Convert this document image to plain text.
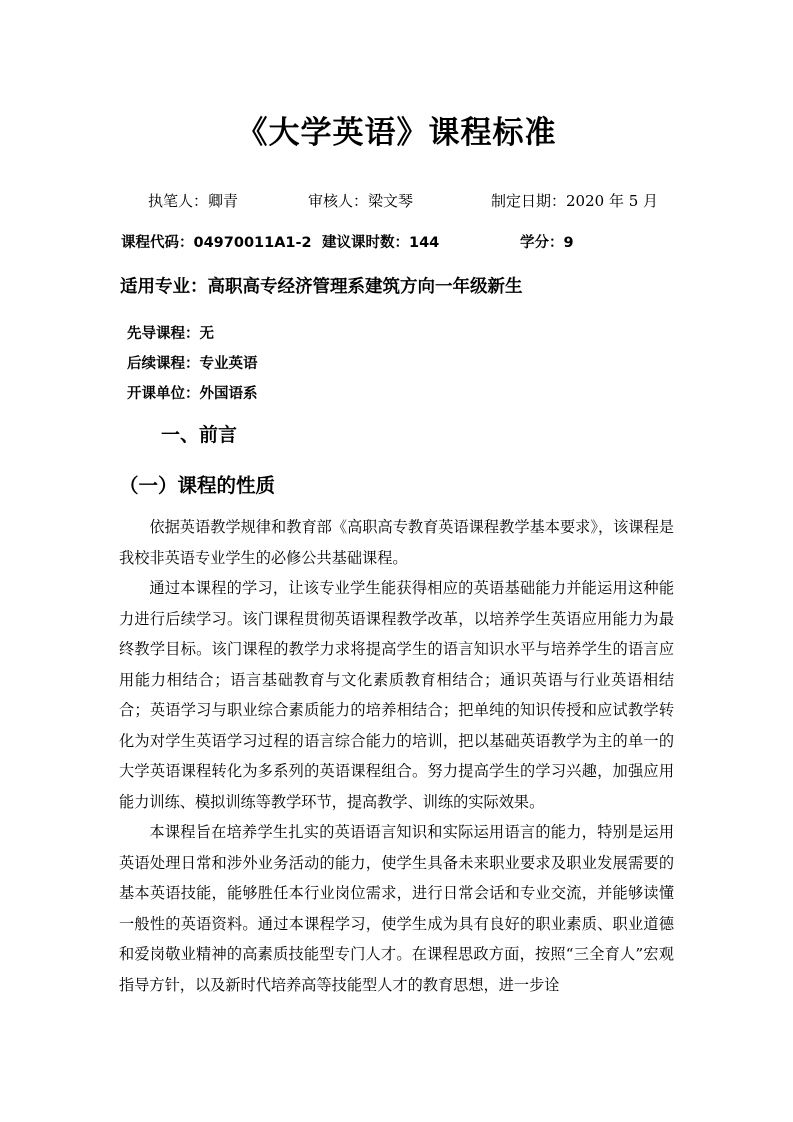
《大学英语》课程标准
执笔人：卿青	审核人：梁文琴	制定日期：2020 年 5 月
课程代码：04970011A1-2 建议课时数：144	学分：9
适用专业：高职高专经济管理系建筑方向一年级新生
先导课程：无
后续课程：专业英语
开课单位：外国语系
一、前言
（一）课程的性质
依据英语教学规律和教育部《高职高专教育英语课程教学基本要求》，该课程是我校非英语专业学生的必修公共基础课程。
通过本课程的学习，让该专业学生能获得相应的英语基础能力并能运用这种能力进行后续学习。该门课程贯彻英语课程教学改革，以培养学生英语应用能力为最终教学目标。该门课程的教学力求将提高学生的语言知识水平与培养学生的语言应用能力相结合；语言基础教育与文化素质教育相结合；通识英语与行业英语相结合；英语学习与职业综合素质能力的培养相结合；把单纯的知识传授和应试教学转化为对学生英语学习过程的语言综合能力的培训，把以基础英语教学为主的单一的大学英语课程转化为多系列的英语课程组合。努力提高学生的学习兴趣，加强应用能力训练、模拟训练等教学环节，提高教学、训练的实际效果。
本课程旨在培养学生扎实的英语语言知识和实际运用语言的能力，特别是运用英语处理日常和涉外业务活动的能力，使学生具备未来职业要求及职业发展需要的基本英语技能，能够胜任本行业岗位需求，进行日常会话和专业交流，并能够读懂一般性的英语资料。通过本课程学习，使学生成为具有良好的职业素质、职业道德和爱岗敬业精神的高素质技能型专门人才。在课程思政方面，按照“三全育人”宏观指导方针，以及新时代培养高等技能型人才的教育思想，进一步诠
